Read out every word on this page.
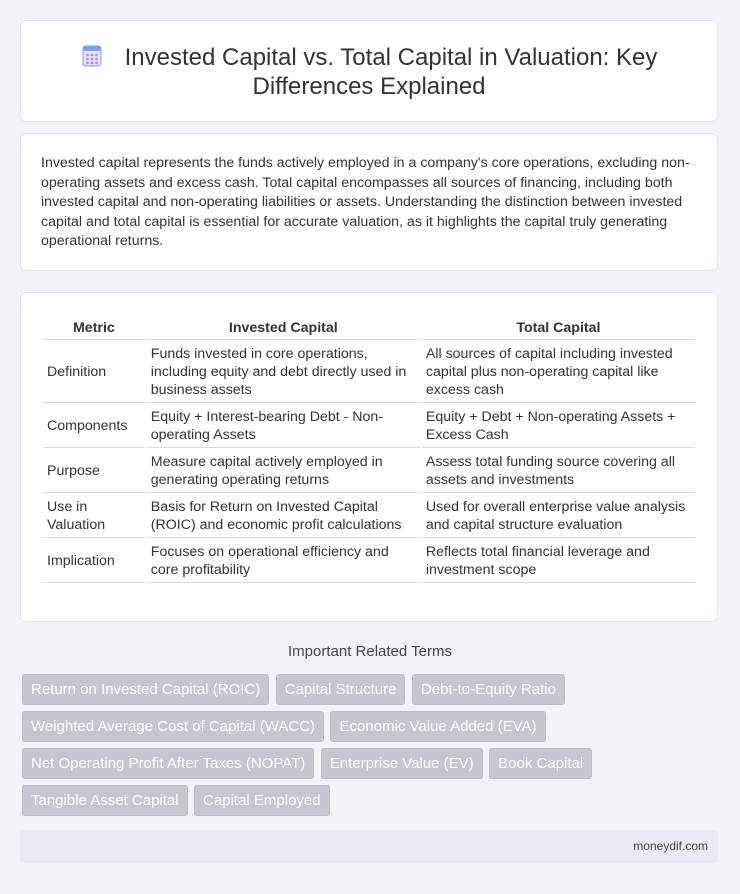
Invested Capital vs. Total Capital in Valuation: Key Differences Explained

Invested capital represents the funds actively employed in a company's core operations, excluding non-operating assets and excess cash. Total capital encompasses all sources of financing, including both invested capital and non-operating liabilities or assets. Understanding the distinction between invested capital and total capital is essential for accurate valuation, as it highlights the capital truly generating operational returns.

Metric	Invested Capital	Total Capital
Definition	Funds invested in core operations, including equity and debt directly used in business assets	All sources of capital including invested capital plus non-operating capital like excess cash
Components	Equity + Interest-bearing Debt - Non-operating Assets	Equity + Debt + Non-operating Assets + Excess Cash
Purpose	Measure capital actively employed in generating operating returns	Assess total funding source covering all assets and investments
Use in Valuation	Basis for Return on Invested Capital (ROIC) and economic profit calculations	Used for overall enterprise value analysis and capital structure evaluation
Implication	Focuses on operational efficiency and core profitability	Reflects total financial leverage and investment scope
Important Related Terms
Return on Invested Capital (ROIC) Capital Structure Debt-to-Equity Ratio Weighted Average Cost of Capital (WACC) Economic Value Added (EVA) Net Operating Profit After Taxes (NOPAT) Enterprise Value (EV) Book Capital Tangible Asset Capital Capital Employed
moneydif.com
